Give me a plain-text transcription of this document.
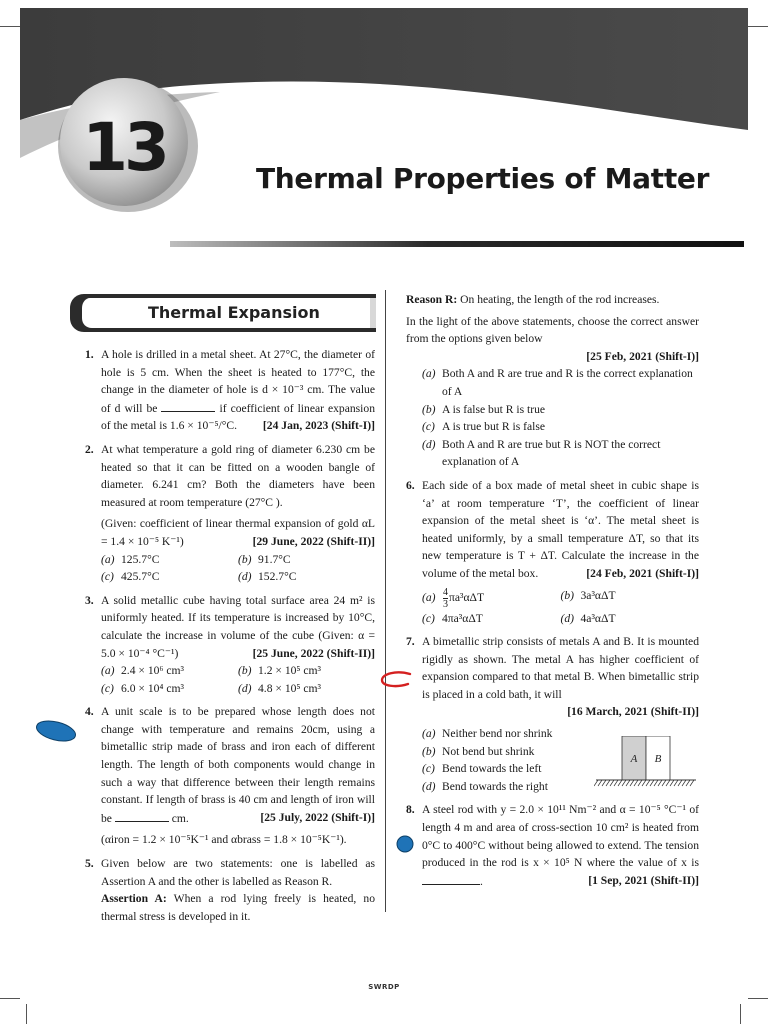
13	Thermal Properties of Matter
Thermal Expansion
1. A hole is drilled in a metal sheet. At 27°C, the diameter of hole is 5 cm. When the sheet is heated to 177°C, the change in the diameter of hole is d × 10⁻³ cm. The value of d will be	if coefficient of linear expansion of the metal is 1.6 × 10⁻⁵/°C. [24 Jan, 2023 (Shift-I)]
2. At what temperature a gold ring of diameter 6.230 cm be heated so that it can be fitted on a wooden bangle of diameter. 6.241 cm? Both the diameters have been measured at room temperature (27°C ).
(Given: coefficient of linear thermal expansion of gold αL = 1.4 × 10⁻⁵ K⁻¹)	[29 June, 2022 (Shift-II)]
(a) 125.7°C	(b) 91.7°C
(c) 425.7°C	(d) 152.7°C
3. A solid metallic cube having total surface area 24 m² is uniformly heated. If its temperature is increased by 10°C, calculate the increase in volume of the cube (Given: α = 5.0 × 10⁻⁴ °C⁻¹)	[25 June, 2022 (Shift-II)]
(a) 2.4 × 10⁶ cm³	(b) 1.2 × 10⁵ cm³
(c) 6.0 × 10⁴ cm³	(d) 4.8 × 10⁵ cm³
4. A unit scale is to be prepared whose length does not change with temperature and remains 20cm, using a bimetallic strip made of brass and iron each of different length. The length of both components would change in such a way that difference between their length remains constant. If length of brass is 40 cm and length of iron will be	cm.	[25 July, 2022 (Shift-I)]
(αiron = 1.2 × 10⁻⁵K⁻¹ and αbrass = 1.8 × 10⁻⁵K⁻¹).
5. Given below are two statements: one is labelled as Assertion A and the other is labelled as Reason R.
Assertion A: When a rod lying freely is heated, no thermal stress is developed in it.
Reason R: On heating, the length of the rod increases.
In the light of the above statements, choose the correct answer from the options given below
[25 Feb, 2021 (Shift-I)]
(a) Both A and R are true and R is the correct explanation of A
(b) A is false but R is true
(c) A is true but R is false
(d) Both A and R are true but R is NOT the correct explanation of A
6. Each side of a box made of metal sheet in cubic shape is ‘a’ at room temperature ‘T’, the coefficient of linear expansion of the metal sheet is ‘α’. The metal sheet is heated uniformly, by a small temperature ΔT, so that its new temperature is T + ΔT. Calculate the increase in the volume of the metal box.	[24 Feb, 2021 (Shift-I)]
$(a) \frac{4}{3} \pi a^3\alpha\Delta T$	(b) 3a³αΔT
(c) 4πa³αΔT	(d) 4a³αΔT
7. A bimetallic strip consists of metals A and B. It is mounted rigidly as shown. The metal A has higher coefficient of expansion compared to that metal B. When bimetallic strip is placed in a cold bath, it will
[16 March, 2021 (Shift-II)]
(a) Neither bend nor shrink
(b) Not bend but shrink
(c) Bend towards the left
(d) Bend towards the right
8. A steel rod with y = 2.0 × 10¹¹ Nm⁻² and α = 10⁻⁵ °C⁻¹ of length 4 m and area of cross-section 10 cm² is heated from 0°C to 400°C without being allowed to extend. The tension produced in the rod is x × 10⁵ N where the value of x is .	[1 Sep, 2021 (Shift-II)]
A B
SWRDP
